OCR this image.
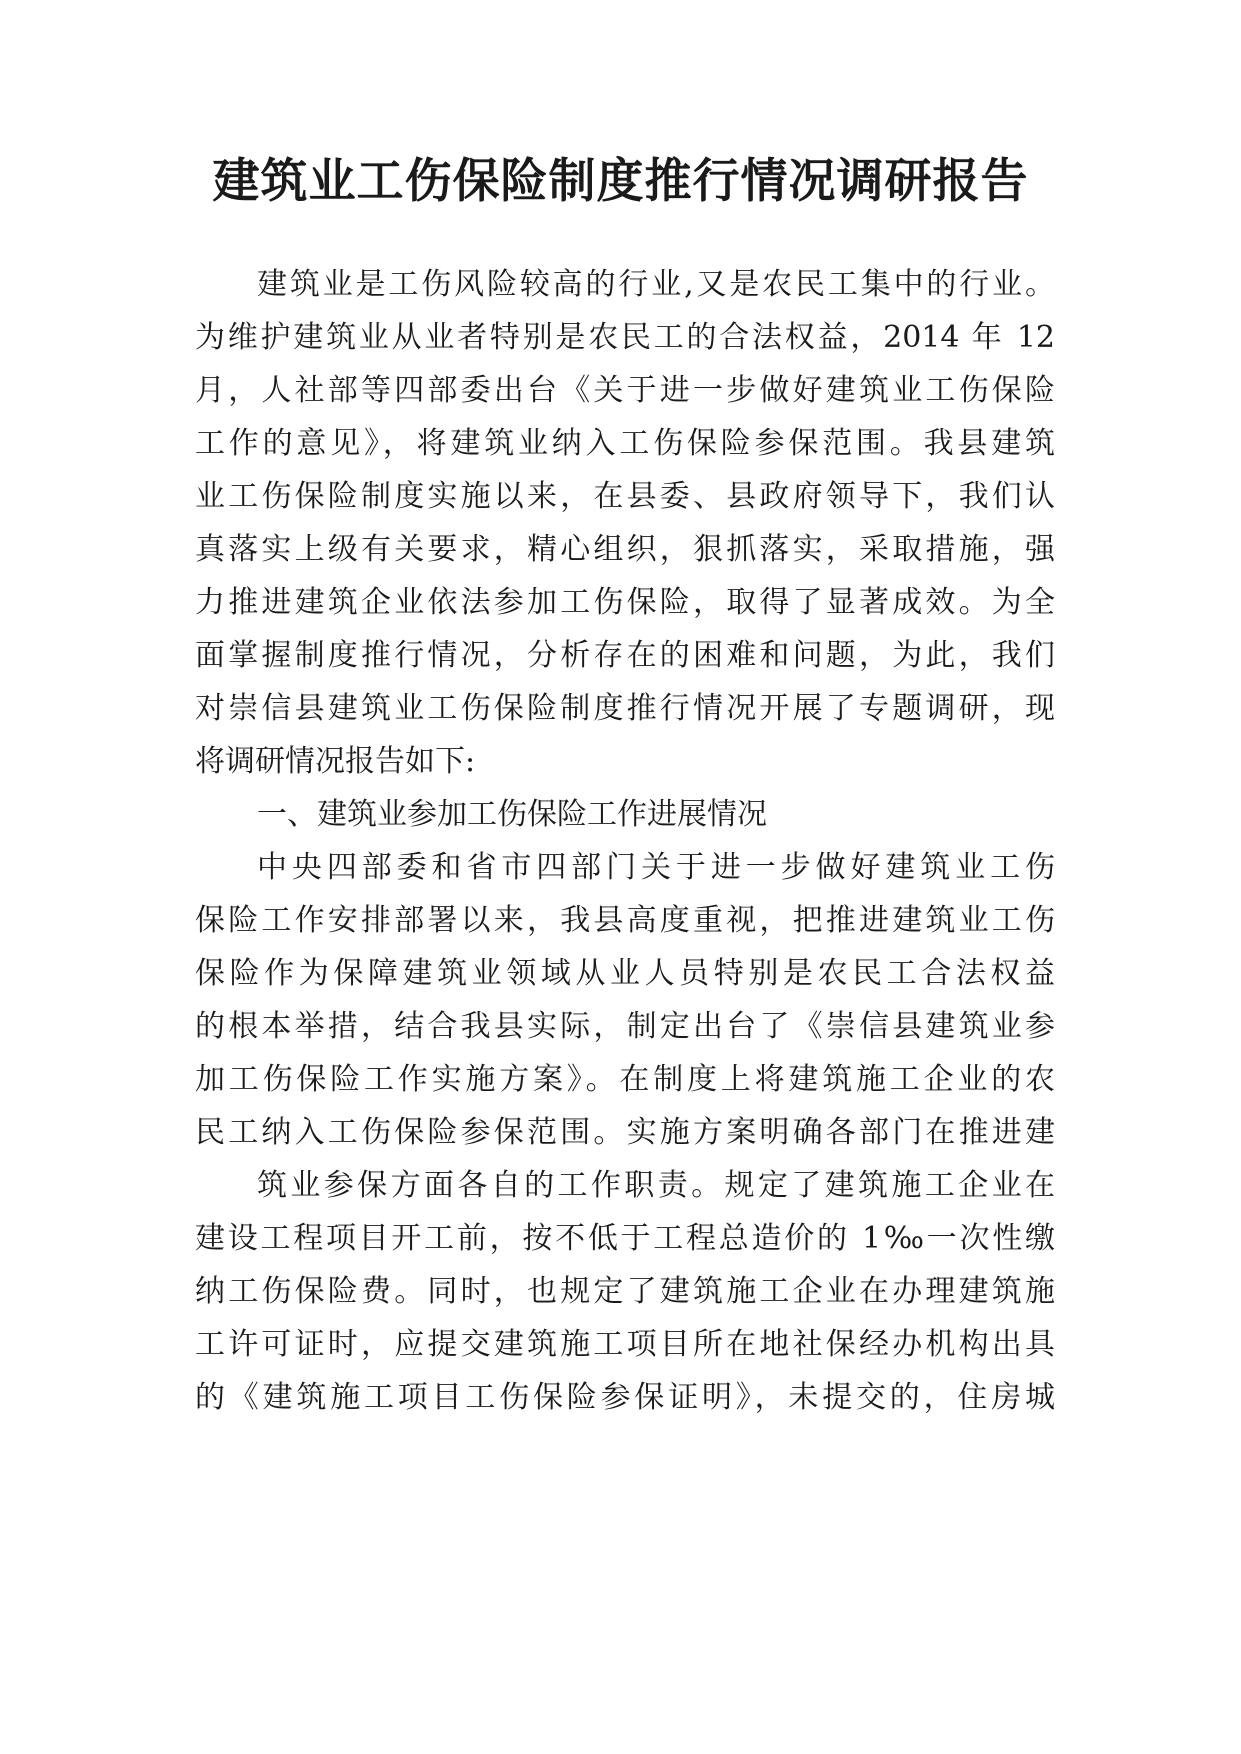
建筑业工伤保险制度推行情况调研报告

建筑业是工伤风险较高的行业,又是农民工集中的行业。

为维护建筑业从业者特别是农民工的合法权益，2014 年 12

月，人社部等四部委出台《关于进一步做好建筑业工伤保险

工作的意见》，将建筑业纳入工伤保险参保范围。我县建筑

业工伤保险制度实施以来，在县委、县政府领导下，我们认

真落实上级有关要求，精心组织，狠抓落实，采取措施，强

力推进建筑企业依法参加工伤保险，取得了显著成效。为全

面掌握制度推行情况，分析存在的困难和问题，为此，我们

对崇信县建筑业工伤保险制度推行情况开展了专题调研，现

将调研情况报告如下:

一、建筑业参加工伤保险工作进展情况

中央四部委和省市四部门关于进一步做好建筑业工伤

保险工作安排部署以来，我县高度重视，把推进建筑业工伤

保险作为保障建筑业领域从业人员特别是农民工合法权益

的根本举措，结合我县实际，制定出台了《崇信县建筑业参

加工伤保险工作实施方案》。在制度上将建筑施工企业的农

民工纳入工伤保险参保范围。实施方案明确各部门在推进建

筑业参保方面各自的工作职责。规定了建筑施工企业在

建设工程项目开工前，按不低于工程总造价的 1‰一次性缴

纳工伤保险费。同时，也规定了建筑施工企业在办理建筑施

工许可证时，应提交建筑施工项目所在地社保经办机构出具

的《建筑施工项目工伤保险参保证明》，未提交的，住房城
